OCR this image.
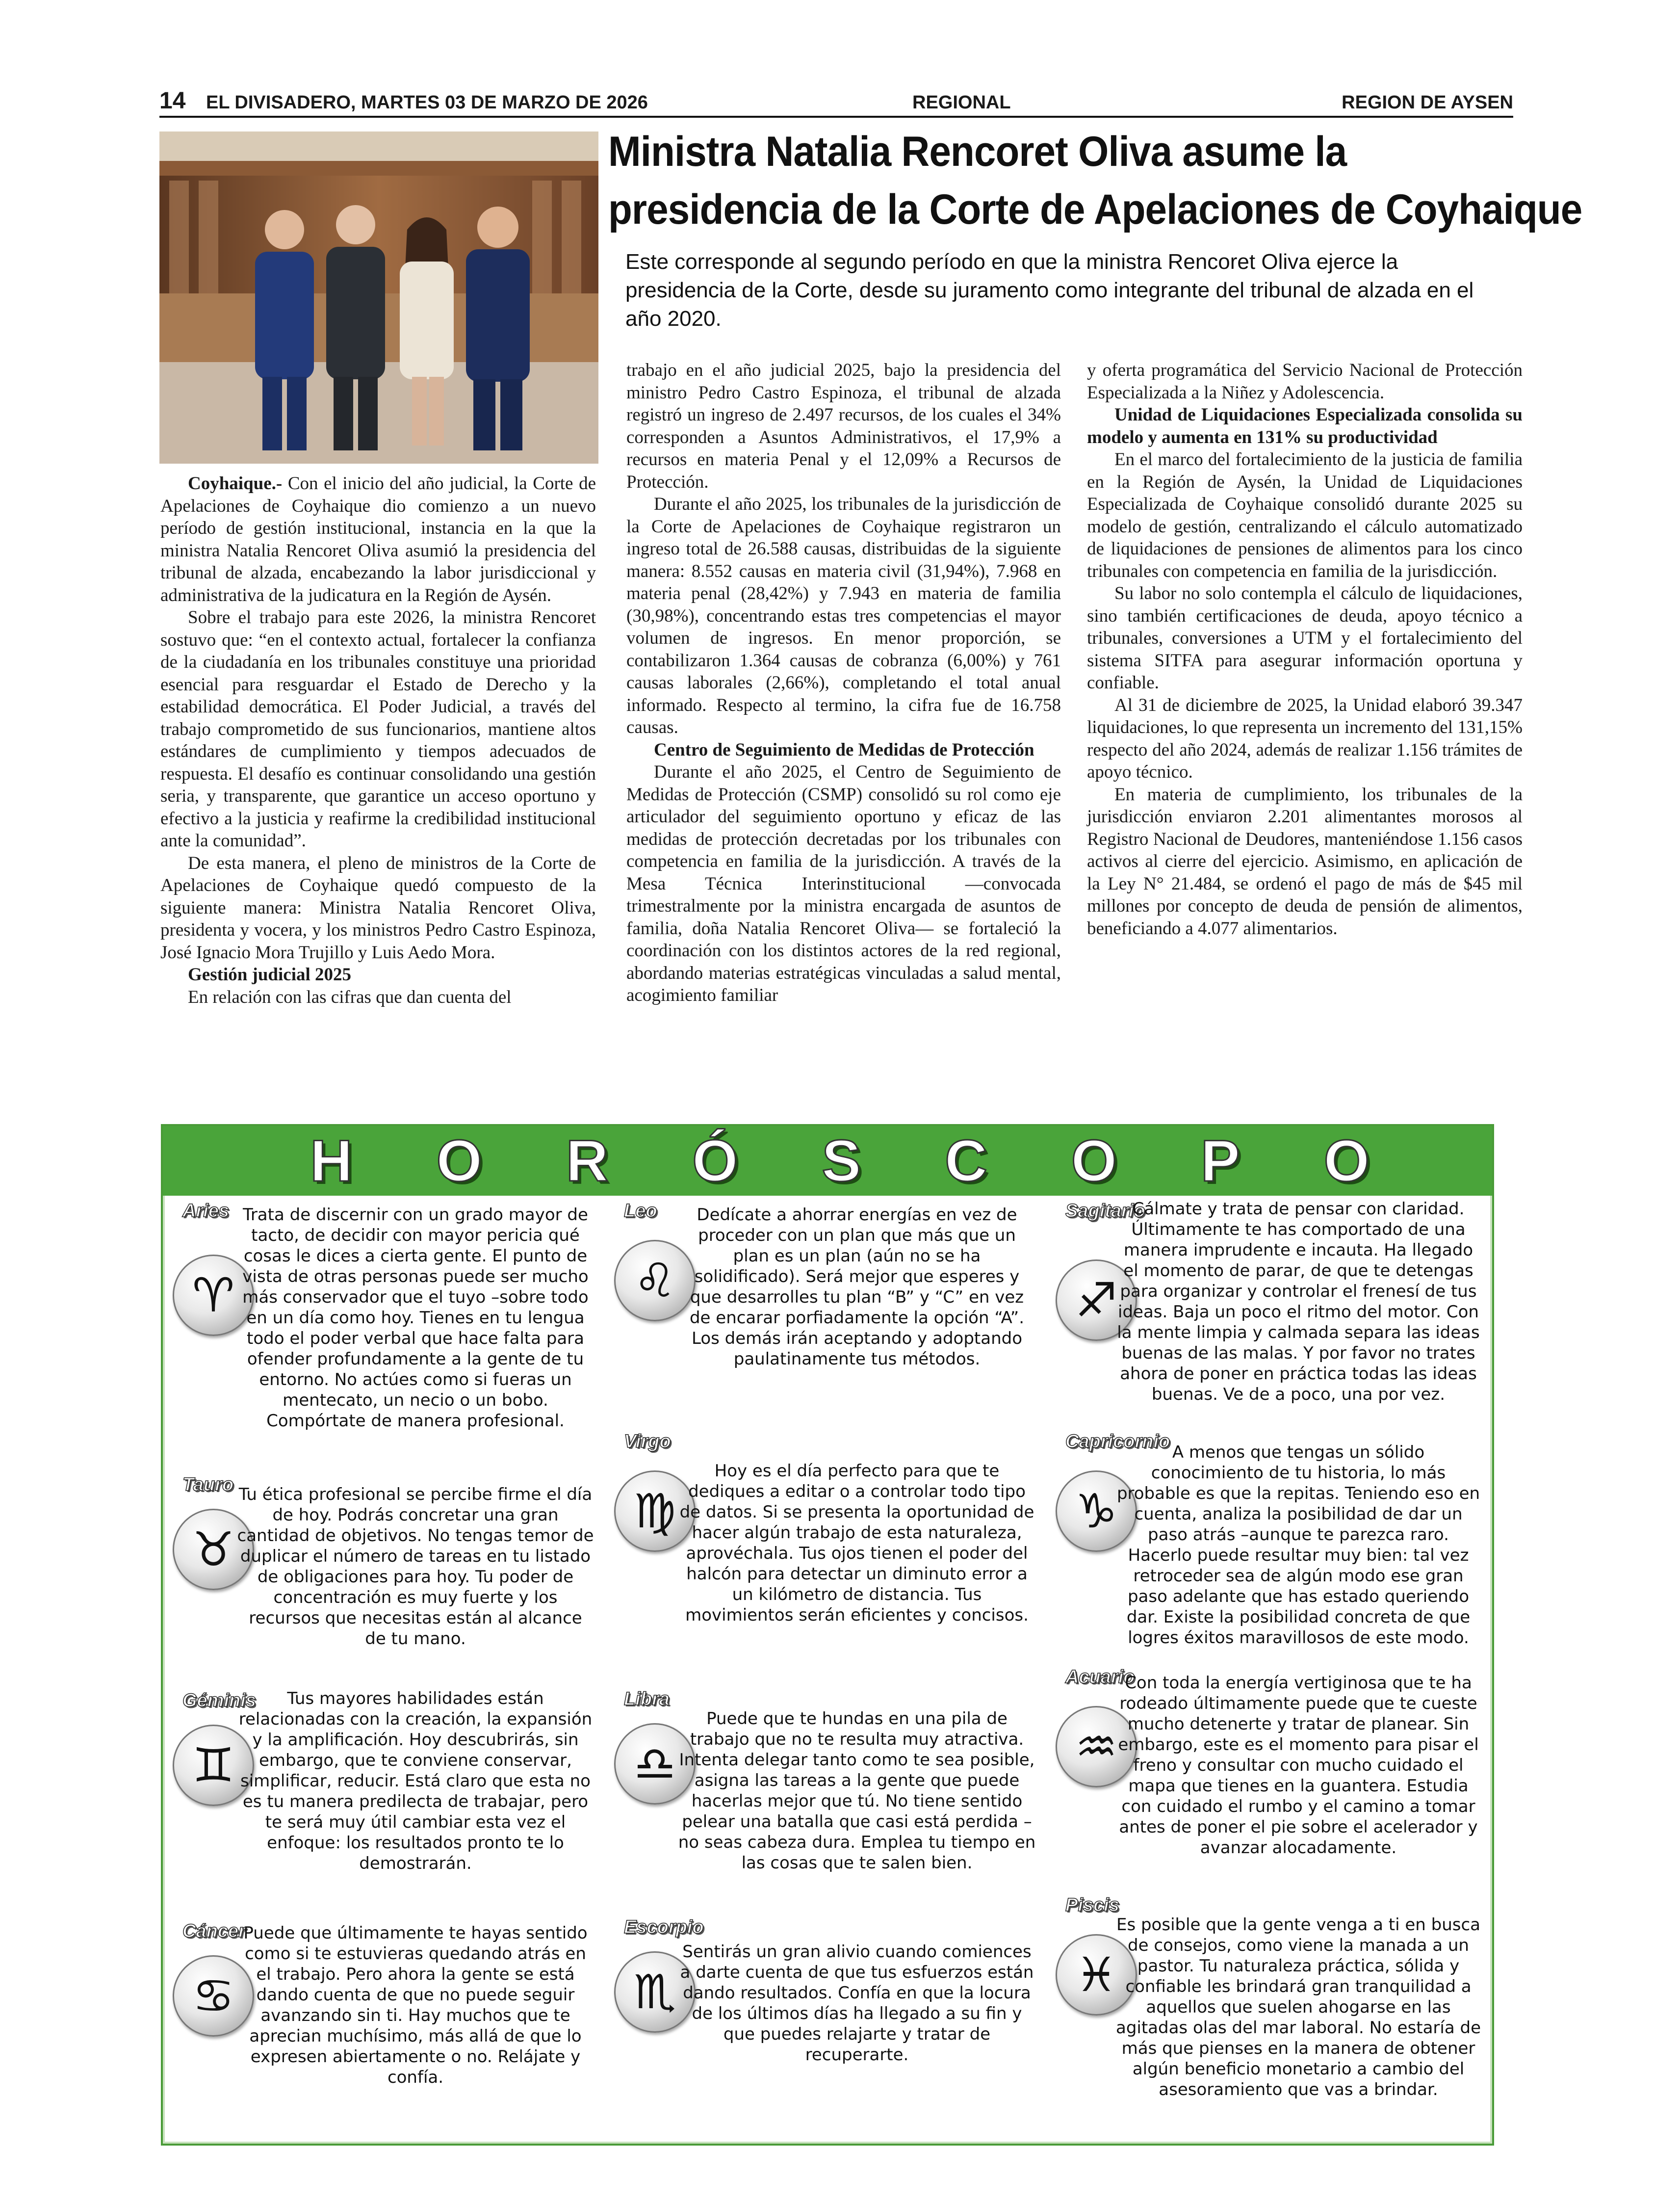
14 EL DIVISADERO, MARTES 03 DE MARZO DE 2026	REGIONAL	REGION DE AYSEN
Ministra Natalia Rencoret Oliva asume la
presidencia de la Corte de Apelaciones de Coyhaique
Este corresponde al segundo período en que la ministra Rencoret Oliva ejerce la presidencia de la Corte, desde su juramento como integrante del tribunal de alzada en el año 2020.

Coyhaique.- Con el inicio del año judicial, la Corte de Apelaciones de Coyhaique dio comienzo a un nuevo período de gestión institucional, instancia en la que la ministra Natalia Rencoret Oliva asumió la presidencia del tribunal de alzada, encabezando la labor jurisdiccional y administrativa de la judicatura en la Región de Aysén.

Sobre el trabajo para este 2026, la ministra Rencoret sostuvo que: “en el contexto actual, fortalecer la confianza de la ciudadanía en los tribunales constituye una prioridad esencial para resguardar el Estado de Derecho y la estabilidad democrática. El Poder Judicial, a través del trabajo comprometido de sus funcionarios, mantiene altos estándares de cumplimiento y tiempos adecuados de respuesta. El desafío es continuar consolidando una gestión seria, y transparente, que garantice un acceso oportuno y efectivo a la justicia y reafirme la credibilidad institucional ante la comunidad”.

De esta manera, el pleno de ministros de la Corte de Apelaciones de Coyhaique quedó compuesto de la siguiente manera: Ministra Natalia Rencoret Oliva, presidenta y vocera, y los ministros Pedro Castro Espinoza, José Ignacio Mora Trujillo y Luis Aedo Mora.

Gestión judicial 2025

En relación con las cifras que dan cuenta del

trabajo en el año judicial 2025, bajo la presidencia del ministro Pedro Castro Espinoza, el tribunal de alzada registró un ingreso de 2.497 recursos, de los cuales el 34% corresponden a Asuntos Administrativos, el 17,9% a recursos en materia Penal y el 12,09% a Recursos de Protección.

Durante el año 2025, los tribunales de la jurisdicción de la Corte de Apelaciones de Coyhaique registraron un ingreso total de 26.588 causas, distribuidas de la siguiente manera: 8.552 causas en materia civil (31,94%), 7.968 en materia penal (28,42%) y 7.943 en materia de familia (30,98%), concentrando estas tres competencias el mayor volumen de ingresos. En menor proporción, se contabilizaron 1.364 causas de cobranza (6,00%) y 761 causas laborales (2,66%), completando el total anual informado. Respecto al termino, la cifra fue de 16.758 causas.

Centro de Seguimiento de Medidas de Protección

Durante el año 2025, el Centro de Seguimiento de Medidas de Protección (CSMP) consolidó su rol como eje articulador del seguimiento oportuno y eficaz de las medidas de protección decretadas por los tribunales con competencia en familia de la jurisdicción. A través de la Mesa Técnica Interinstitucional —convocada trimestralmente por la ministra encargada de asuntos de familia, doña Natalia Rencoret Oliva— se fortaleció la coordinación con los distintos actores de la red regional, abordando materias estratégicas vinculadas a salud mental, acogimiento familiar

y oferta programática del Servicio Nacional de Protección Especializada a la Niñez y Adolescencia.

Unidad de Liquidaciones Especializada consolida su modelo y aumenta en 131% su productividad

En el marco del fortalecimiento de la justicia de familia en la Región de Aysén, la Unidad de Liquidaciones Especializada de Coyhaique consolidó durante 2025 su modelo de gestión, centralizando el cálculo automatizado de liquidaciones de pensiones de alimentos para los cinco tribunales con competencia en familia de la jurisdicción.

Su labor no solo contempla el cálculo de liquidaciones, sino también certificaciones de deuda, apoyo técnico a tribunales, conversiones a UTM y el fortalecimiento del sistema SITFA para asegurar información oportuna y confiable.

Al 31 de diciembre de 2025, la Unidad elaboró 39.347 liquidaciones, lo que representa un incremento del 131,15% respecto del año 2024, además de realizar 1.156 trámites de apoyo técnico.

En materia de cumplimiento, los tribunales de la jurisdicción enviaron 2.201 alimentantes morosos al Registro Nacional de Deudores, manteniéndose 1.156 casos activos al cierre del ejercicio. Asimismo, en aplicación de la Ley N° 21.484, se ordenó el pago de más de $45 mil millones por concepto de deuda de pensión de alimentos, beneficiando a 4.077 alimentarios.

H O R Ó S C O P O
Aries
♈
Trata de discernir con un grado mayor de tacto, de decidir con mayor pericia qué cosas le dices a cierta gente. El punto de vista de otras personas puede ser mucho más conservador que el tuyo –sobre todo en un día como hoy. Tienes en tu lengua todo el poder verbal que hace falta para ofender profundamente a la gente de tu entorno. No actúes como si fueras un mentecato, un necio o un bobo. Compórtate de manera profesional.
Tauro
♉
Tu ética profesional se percibe firme el día de hoy. Podrás concretar una gran cantidad de objetivos. No tengas temor de duplicar el número de tareas en tu listado de obligaciones para hoy. Tu poder de concentración es muy fuerte y los recursos que necesitas están al alcance de tu mano.
Géminis
♊
Tus mayores habilidades están relacionadas con la creación, la expansión y la amplificación. Hoy descubrirás, sin embargo, que te conviene conservar, simplificar, reducir. Está claro que esta no es tu manera predilecta de trabajar, pero te será muy útil cambiar esta vez el enfoque: los resultados pronto te lo demostrarán.
Cáncer
♋
Puede que últimamente te hayas sentido como si te estuvieras quedando atrás en el trabajo. Pero ahora la gente se está dando cuenta de que no puede seguir avanzando sin ti. Hay muchos que te aprecian muchísimo, más allá de que lo expresen abiertamente o no. Relájate y confía.
Leo
♌
Dedícate a ahorrar energías en vez de proceder con un plan que más que un plan es un plan (aún no se ha solidificado). Será mejor que esperes y que desarrolles tu plan “B” y “C” en vez de encarar porfiadamente la opción “A”. Los demás irán aceptando y adoptando paulatinamente tus métodos.
Virgo
♍
Hoy es el día perfecto para que te dediques a editar o a controlar todo tipo de datos. Si se presenta la oportunidad de hacer algún trabajo de esta naturaleza, aprovéchala. Tus ojos tienen el poder del halcón para detectar un diminuto error a un kilómetro de distancia. Tus movimientos serán eficientes y concisos.
Libra
♎
Puede que te hundas en una pila de trabajo que no te resulta muy atractiva. Intenta delegar tanto como te sea posible, asigna las tareas a la gente que puede hacerlas mejor que tú. No tiene sentido pelear una batalla que casi está perdida –no seas cabeza dura. Emplea tu tiempo en las cosas que te salen bien.
Escorpio
♏
Sentirás un gran alivio cuando comiences a darte cuenta de que tus esfuerzos están dando resultados. Confía en que la locura de los últimos días ha llegado a su fin y que puedes relajarte y tratar de recuperarte.
Sagitario
♐
Cálmate y trata de pensar con claridad. Últimamente te has comportado de una manera imprudente e incauta. Ha llegado el momento de parar, de que te detengas para organizar y controlar el frenesí de tus ideas. Baja un poco el ritmo del motor. Con la mente limpia y calmada separa las ideas buenas de las malas. Y por favor no trates ahora de poner en práctica todas las ideas buenas. Ve de a poco, una por vez.
Capricornio
♑
A menos que tengas un sólido conocimiento de tu historia, lo más probable es que la repitas. Teniendo eso en cuenta, analiza la posibilidad de dar un paso atrás –aunque te parezca raro. Hacerlo puede resultar muy bien: tal vez retroceder sea de algún modo ese gran paso adelante que has estado queriendo dar. Existe la posibilidad concreta de que logres éxitos maravillosos de este modo.
Acuario
♒
Con toda la energía vertiginosa que te ha rodeado últimamente puede que te cueste mucho detenerte y tratar de planear. Sin embargo, este es el momento para pisar el freno y consultar con mucho cuidado el mapa que tienes en la guantera. Estudia con cuidado el rumbo y el camino a tomar antes de poner el pie sobre el acelerador y avanzar alocadamente.
Piscis
♓
Es posible que la gente venga a ti en busca de consejos, como viene la manada a un pastor. Tu naturaleza práctica, sólida y confiable les brindará gran tranquilidad a aquellos que suelen ahogarse en las agitadas olas del mar laboral. No estaría de más que pienses en la manera de obtener algún beneficio monetario a cambio del asesoramiento que vas a brindar.
